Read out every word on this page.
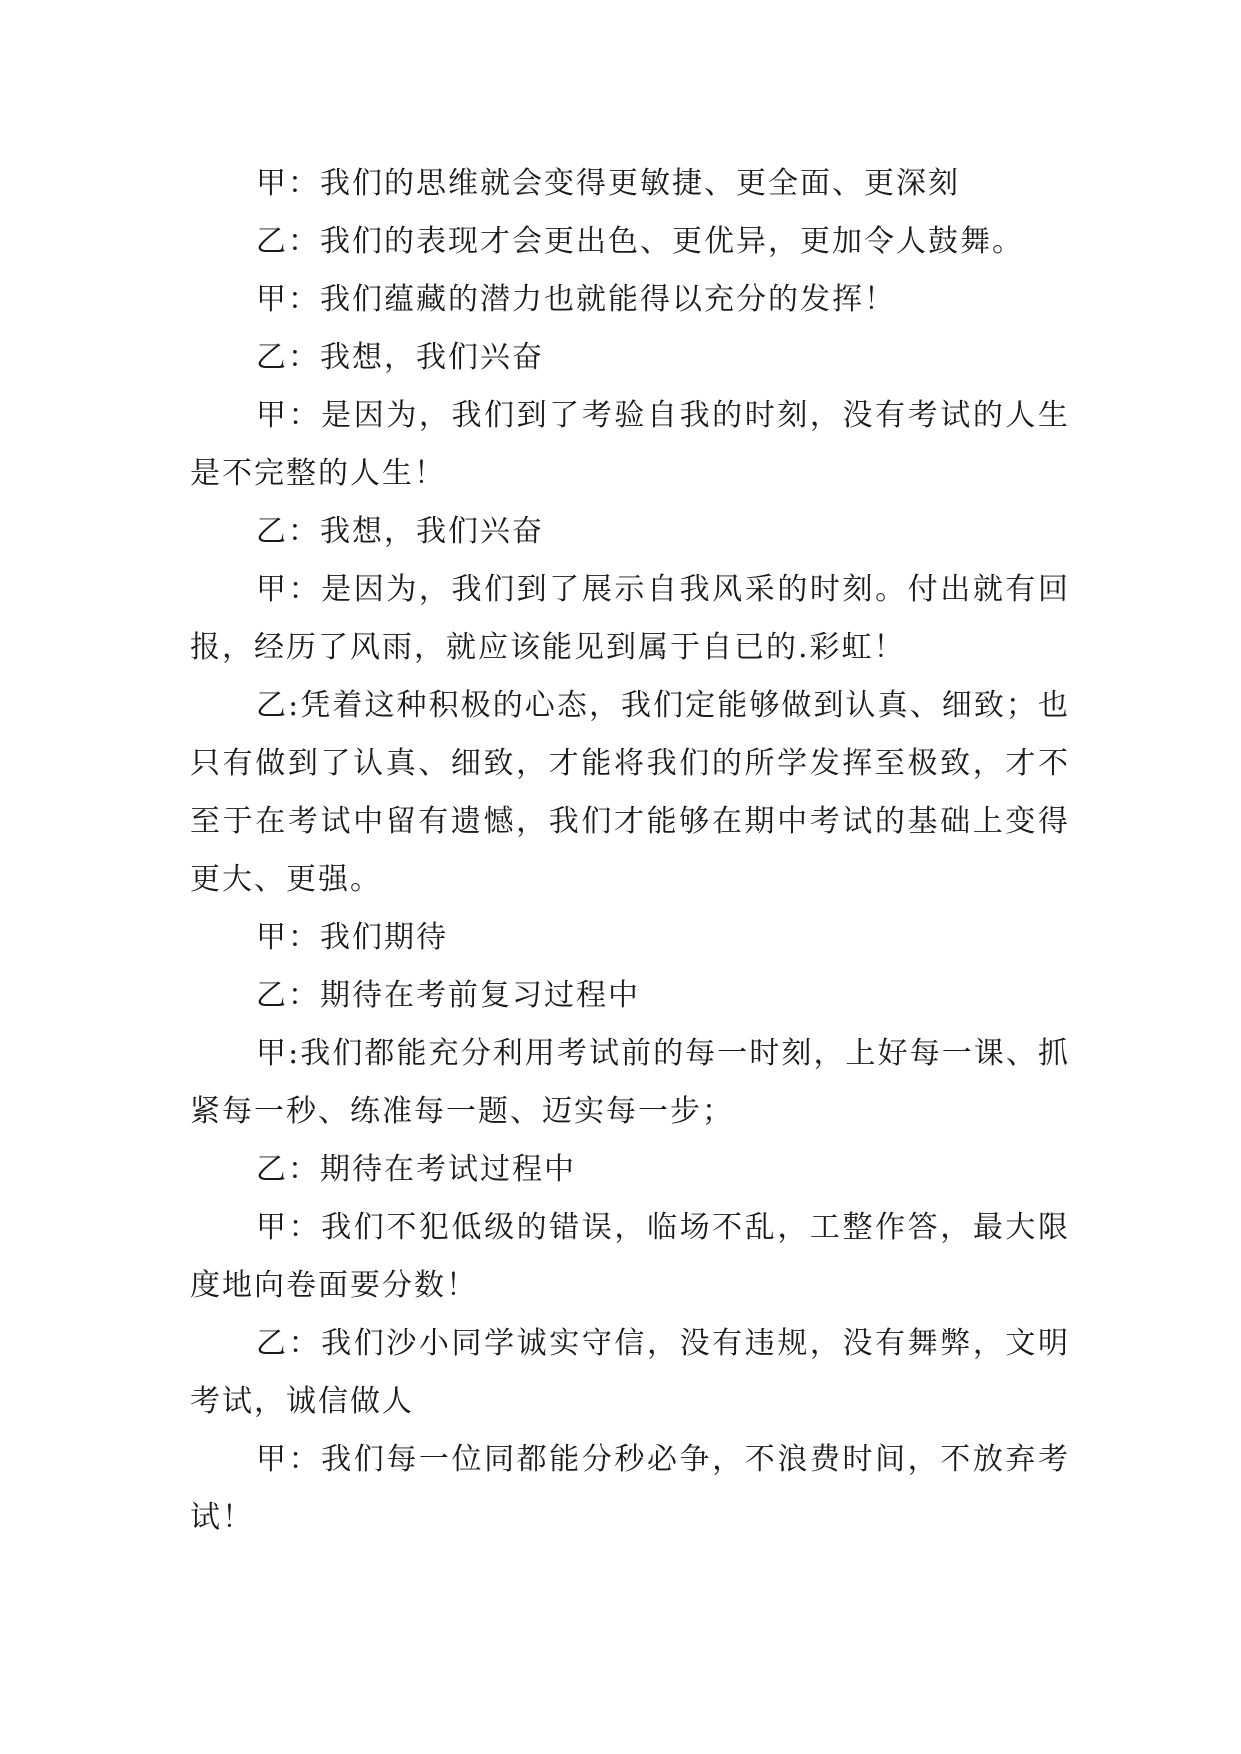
甲：我们的思维就会变得更敏捷、更全面、更深刻

乙：我们的表现才会更出色、更优异，更加令人鼓舞。

甲：我们蕴藏的潜力也就能得以充分的发挥！

乙：我想，我们兴奋

甲：是因为，我们到了考验自我的时刻，没有考试的人生是不完整的人生！

乙：我想，我们兴奋

甲：是因为，我们到了展示自我风采的时刻。付出就有回报，经历了风雨，就应该能见到属于自已的.彩虹！

乙:凭着这种积极的心态，我们定能够做到认真、细致；也只有做到了认真、细致，才能将我们的所学发挥至极致，才不至于在考试中留有遗憾，我们才能够在期中考试的基础上变得更大、更强。

甲：我们期待

乙：期待在考前复习过程中

甲:我们都能充分利用考试前的每一时刻，上好每一课、抓紧每一秒、练准每一题、迈实每一步；

乙：期待在考试过程中

甲：我们不犯低级的错误，临场不乱，工整作答，最大限度地向卷面要分数！

乙：我们沙小同学诚实守信，没有违规，没有舞弊，文明考试，诚信做人

甲：我们每一位同都能分秒必争，不浪费时间，不放弃考试！
